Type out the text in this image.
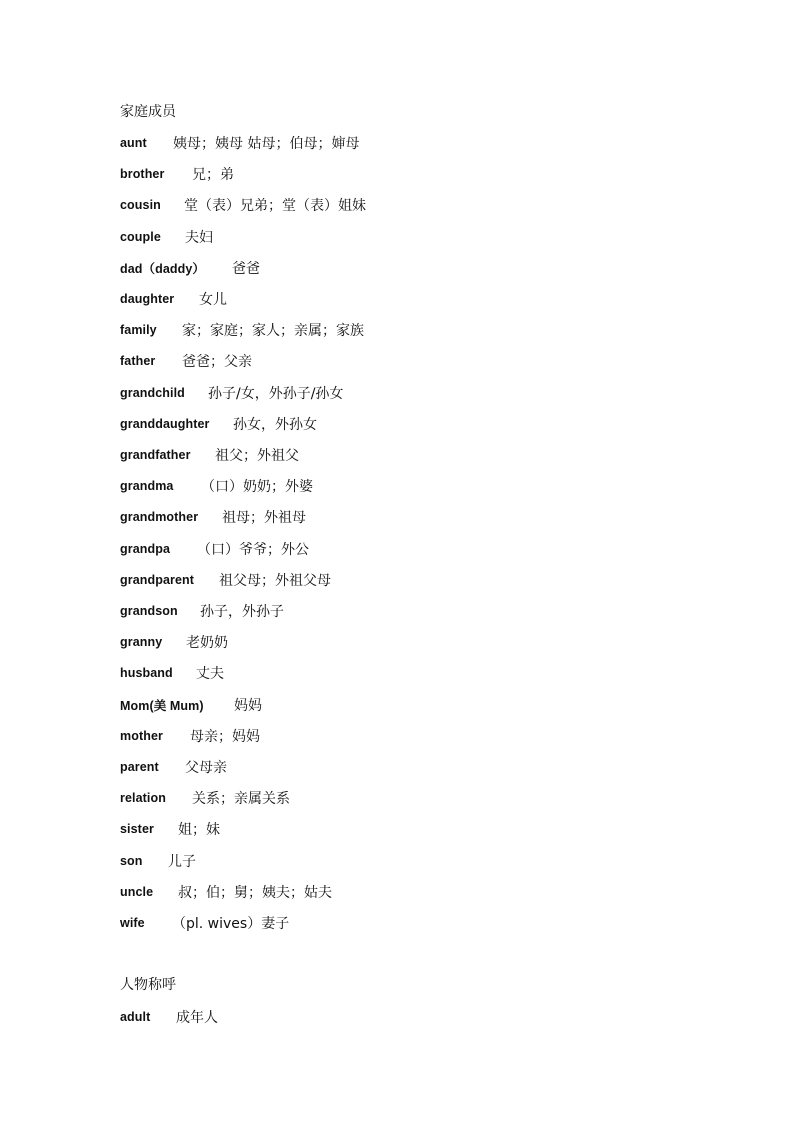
家庭成员
aunt	姨母；姨母 姑母；伯母；婶母
brother	兄；弟
cousin	堂（表）兄弟；堂（表）姐妹
couple	夫妇
dad（daddy）	爸爸
daughter	女儿
family	家；家庭；家人；亲属；家族
father	爸爸；父亲
grandchild	孙子/女，外孙子/孙女
granddaughter	孙女，外孙女
grandfather	祖父；外祖父
grandma	（口）奶奶；外婆
grandmother	祖母；外祖母
grandpa	（口）爷爷；外公
grandparent	祖父母；外祖父母
grandson	孙子，外孙子
granny	老奶奶
husband	丈夫
Mom(美 Mum)	妈妈
mother	母亲；妈妈
parent	父母亲
relation	关系；亲属关系
sister	姐；妹
son	儿子
uncle	叔；伯；舅；姨夫；姑夫
wife	（pl. wives）妻子
人物称呼
adult	成年人
